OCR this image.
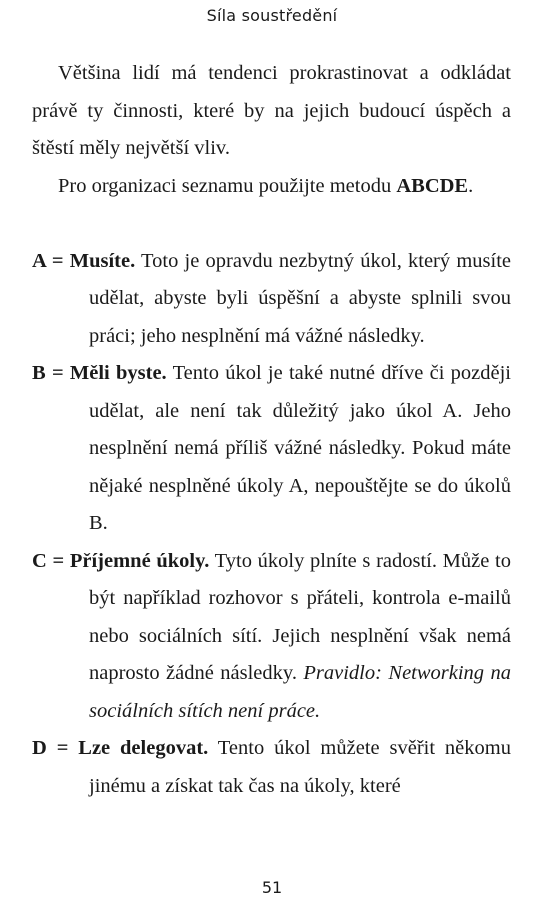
Síla soustředění

Většina lidí má tendenci prokrastinovat a odkládat právě ty činnosti, které by na jejich budoucí úspěch a štěstí měly největší vliv.

Pro organizaci seznamu použijte metodu ABCDE.

A = Musíte. Toto je opravdu nezbytný úkol, který musíte udělat, abyste byli úspěšní a abyste splnili svou práci; jeho nesplnění má vážné následky.

B = Měli byste. Tento úkol je také nutné dříve či později udělat, ale není tak důležitý jako úkol A. Jeho nesplnění nemá příliš vážné následky. Pokud máte nějaké nesplněné úkoly A, nepouštějte se do úkolů B.

C = Příjemné úkoly. Tyto úkoly plníte s radostí. Může to být například rozhovor s přáteli, kontrola e-mailů nebo sociálních sítí. Jejich nesplnění však nemá naprosto žádné následky. Pravidlo: Networking na sociálních sítích není práce.

D = Lze delegovat. Tento úkol můžete svěřit někomu jinému a získat tak čas na úkoly, které

51
